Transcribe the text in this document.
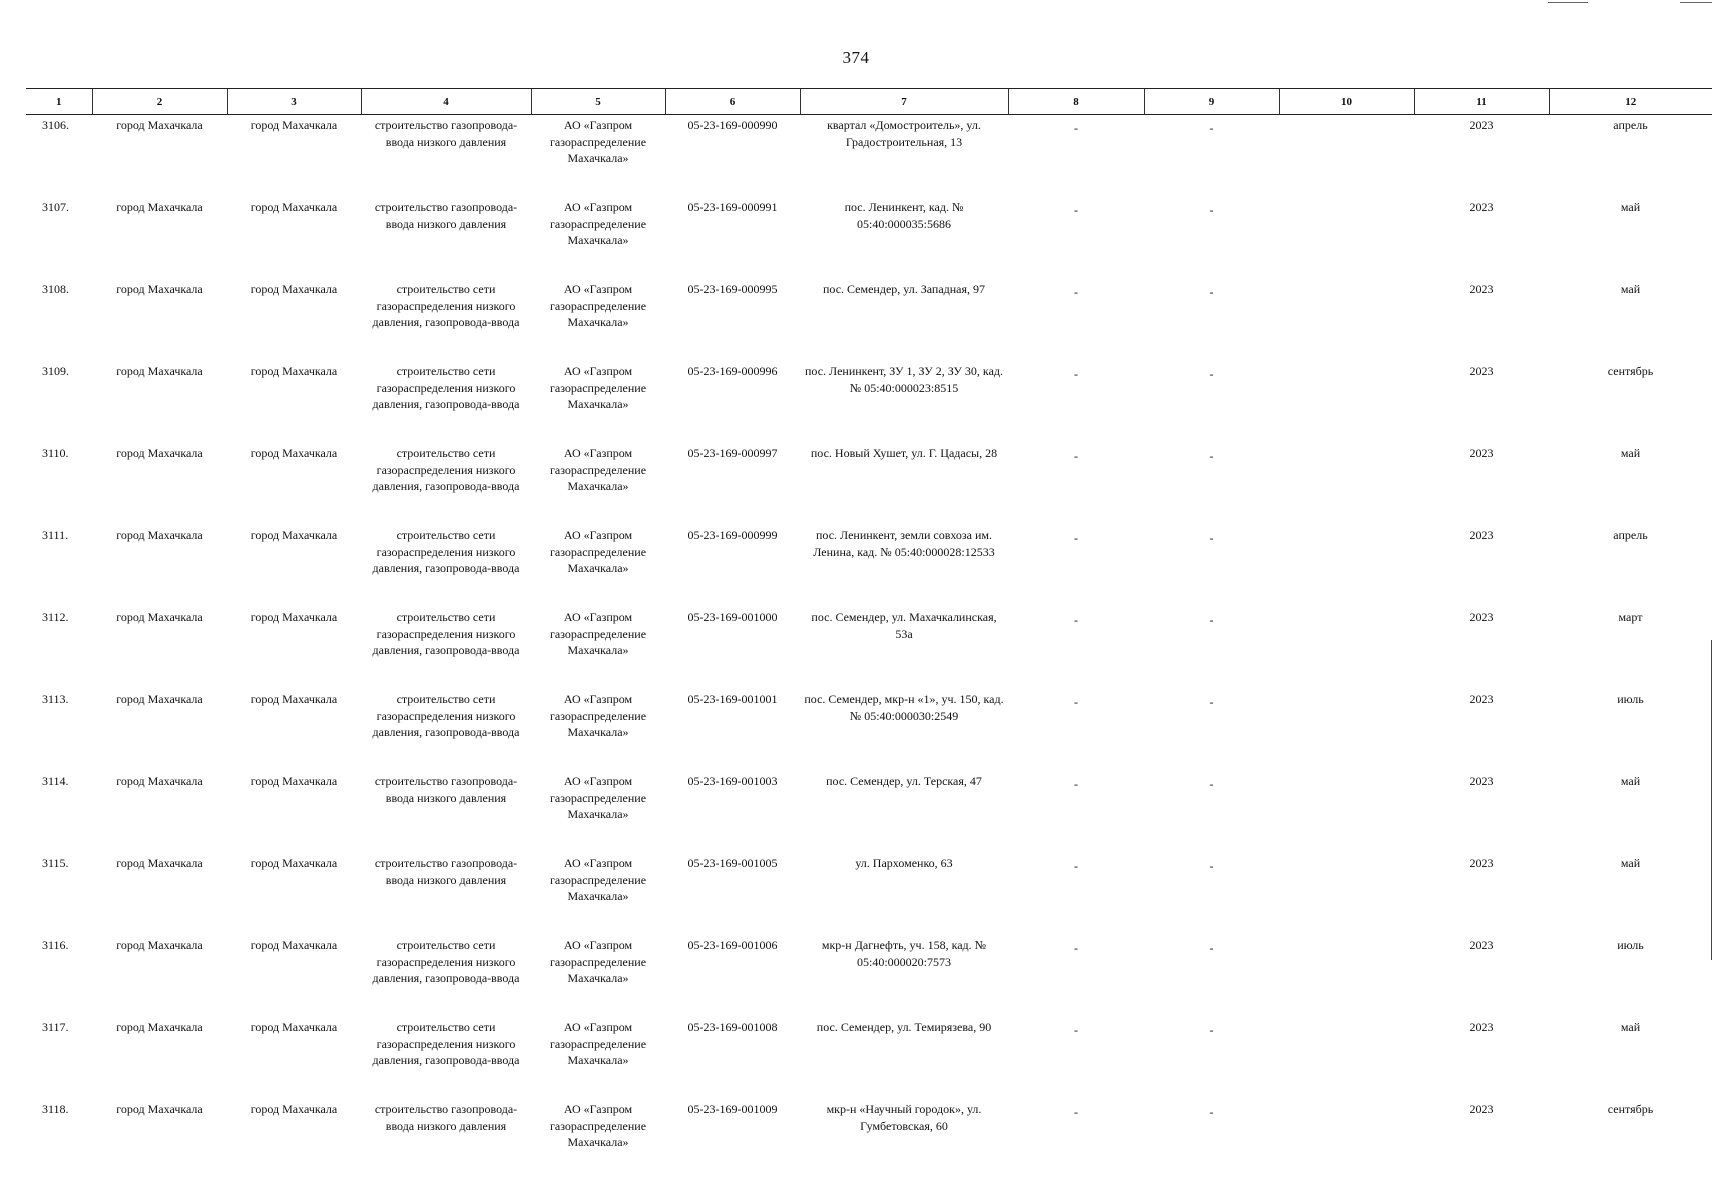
374
1	2	3	4	5	6	7	8	9	10	11	12
3106.	город Махачкала	город Махачкала	строительство газопровода-ввода низкого давления	АО «Газпром газораспределение Махачкала»	05-23-169-000990	квартал «Домостроитель», ул. Градостроительная, 13	-	-		2023	апрель
3107.	город Махачкала	город Махачкала	строительство газопровода-ввода низкого давления	АО «Газпром газораспределение Махачкала»	05-23-169-000991	пос. Ленинкент, кад. № 05:40:000035:5686	-	-		2023	май
3108.	город Махачкала	город Махачкала	строительство сети газораспределения низкого давления, газопровода-ввода	АО «Газпром газораспределение Махачкала»	05-23-169-000995	пос. Семендер, ул. Западная, 97	-	-		2023	май
3109.	город Махачкала	город Махачкала	строительство сети газораспределения низкого давления, газопровода-ввода	АО «Газпром газораспределение Махачкала»	05-23-169-000996	пос. Ленинкент, ЗУ 1, ЗУ 2, ЗУ 30, кад. № 05:40:000023:8515	-	-		2023	сентябрь
3110.	город Махачкала	город Махачкала	строительство сети газораспределения низкого давления, газопровода-ввода	АО «Газпром газораспределение Махачкала»	05-23-169-000997	пос. Новый Хушет, ул. Г. Цадасы, 28	-	-		2023	май
3111.	город Махачкала	город Махачкала	строительство сети газораспределения низкого давления, газопровода-ввода	АО «Газпром газораспределение Махачкала»	05-23-169-000999	пос. Ленинкент, земли совхоза им. Ленина, кад. № 05:40:000028:12533	-	-		2023	апрель
3112.	город Махачкала	город Махачкала	строительство сети газораспределения низкого давления, газопровода-ввода	АО «Газпром газораспределение Махачкала»	05-23-169-001000	пос. Семендер, ул. Махачкалинская, 53а	-	-		2023	март
3113.	город Махачкала	город Махачкала	строительство сети газораспределения низкого давления, газопровода-ввода	АО «Газпром газораспределение Махачкала»	05-23-169-001001	пос. Семендер, мкр-н «1», уч. 150, кад. № 05:40:000030:2549	-	-		2023	июль
3114.	город Махачкала	город Махачкала	строительство газопровода-ввода низкого давления	АО «Газпром газораспределение Махачкала»	05-23-169-001003	пос. Семендер, ул. Терская, 47	-	-		2023	май
3115.	город Махачкала	город Махачкала	строительство газопровода-ввода низкого давления	АО «Газпром газораспределение Махачкала»	05-23-169-001005	ул. Пархоменко, 63	-	-		2023	май
3116.	город Махачкала	город Махачкала	строительство сети газораспределения низкого давления, газопровода-ввода	АО «Газпром газораспределение Махачкала»	05-23-169-001006	мкр-н Дагнефть, уч. 158, кад. № 05:40:000020:7573	-	-		2023	июль
3117.	город Махачкала	город Махачкала	строительство сети газораспределения низкого давления, газопровода-ввода	АО «Газпром газораспределение Махачкала»	05-23-169-001008	пос. Семендер, ул. Темирязева, 90	-	-		2023	май
3118.	город Махачкала	город Махачкала	строительство газопровода-ввода низкого давления	АО «Газпром газораспределение Махачкала»	05-23-169-001009	мкр-н «Научный городок», ул. Гумбетовская, 60	-	-		2023	сентябрь
